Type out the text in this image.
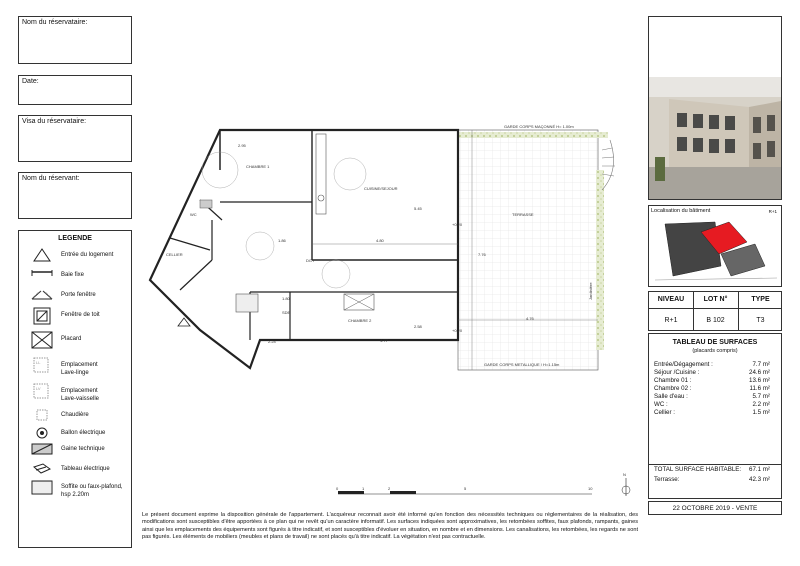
Nom du réservataire:
Date:
Visa du réservataire:
Nom du réservant:
LEGENDE
Entrée du logement
Baie fixe
Porte fenêtre
Fenêtre de toit
Placard
LL	Emplacement
Lave-linge
LV	Emplacement
Lave-vaisselle
Chaudière
Ballon électrique
Gaine technique
Tableau électrique
Soffite ou faux-plafond,
hsp 2.20m
CHAMBRE 1
CUISINE/SEJOUR
TERRASSE
WC
CELLIER
DGT
SDE
CHAMBRE 2
2.95
4.80
5.45
1.86
1.80
2.24	4.77
2.58
7.76
4.76
+0.20
+0.20
GARDE CORPS MAÇONNÉ H= 1.00m
GARDE CORPS METALLIQUE / H=1.15m
Jardinière
0	1	2	5	10
N
Localisation du bâtiment	R+1
NIVEAU	LOT N°	TYPE
R+1	B 102	T3
TABLEAU DE SURFACES
(placards compris)
Entrée/Dégagement :	7.7 m²
Séjour /Cuisine :	24.6 m²
Chambre 01 :	13.6 m²
Chambre 02 :	11.6 m²
Salle d'eau :	5.7 m²
WC :	2.2 m²
Cellier :	1.5 m²
TOTAL SURFACE HABITABLE: 67.1 m²
Terrasse:	42.3 m²
22 OCTOBRE 2019 - VENTE
Le présent document exprime la disposition générale de l'appartement. L'acquéreur reconnait avoir été informé qu'en fonction des nécessités techniques ou réglementaires de la réalisation, des modifications sont susceptibles d'être apportées à ce plan qui ne revêt qu'un caractère informatif. Les surfaces indiquées sont approximatives, les retombées soffites, faux plafonds, rampants, gaines ainsi que les emplacements des équipements sont figurés à titre indicatif, et sont susceptibles d'évoluer en situation, en nombre et en dimensions. Les canalisations, les retombées, les regards ne sont pas figurés. Les éléments de mobiliers (meubles et plans de travail) ne sont placés qu'à titre indicatif. La végétation n'est pas contractuelle.
